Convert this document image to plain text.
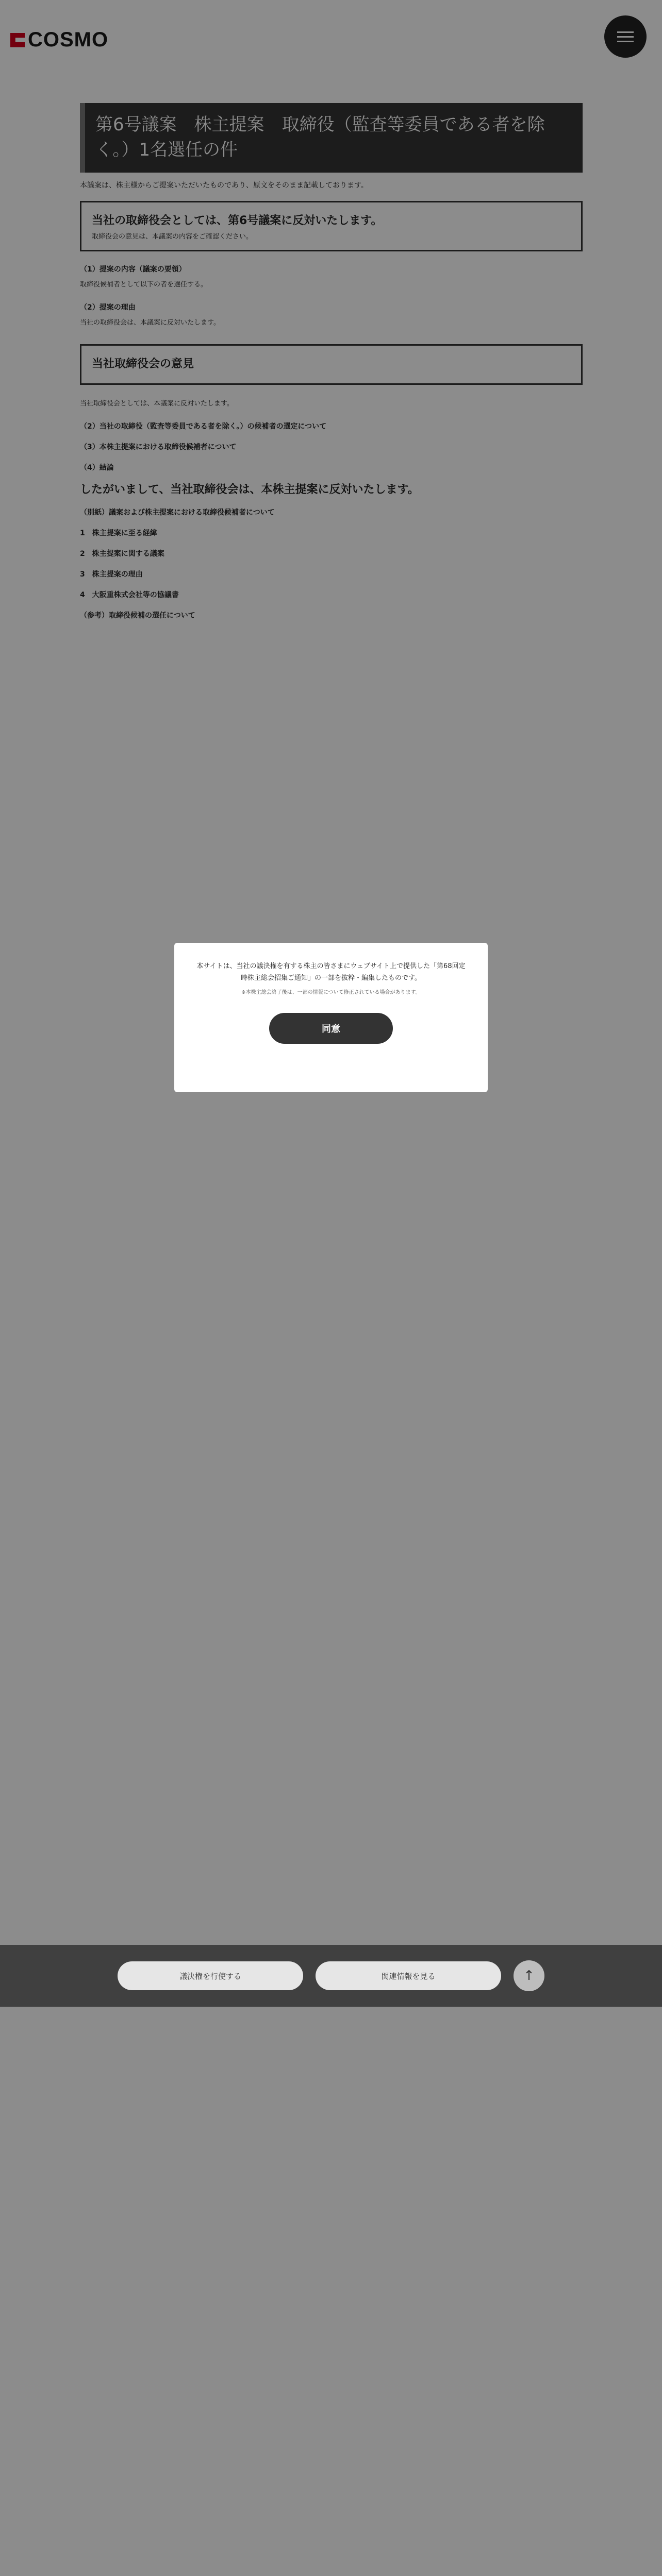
COSMO
第6号議案　株主提案　取締役（監査等委員である者を除く。）1名選任の件
本議案は、株主様からご提案いただいたものであり、原文をそのまま記載しております。
当社の取締役会としては、第6号議案に反対いたします。
取締役会の意見は、本議案の内容をご確認ください。
（1）提案の内容（議案の要領）
取締役候補者として以下の者を選任する。
（2）提案の理由
当社の取締役会は、本議案に反対いたします。
当社取締役会の意見
当社取締役会としては、本議案に反対いたします。
（2）当社の取締役（監査等委員である者を除く。）の候補者の選定について
（3）本株主提案における取締役候補者について
（4）結論
したがいまして、当社取締役会は、本株主提案に反対いたします。
（別紙）議案および株主提案における取締役候補者について
1　株主提案に至る経緯
2　株主提案に関する議案
3　株主提案の理由
4　大阪重株式会社等の協議書
（参考）取締役候補の選任について
本サイトは、当社の議決権を有する株主の皆さまにウェブサイト上で提供した「第68回定時株主総会招集ご通知」の一部を抜粋・編集したものです。
※本株主総会終了後は、一部の情報について修正されている場合があります。
同意
議決権を行使する	関連情報を見る	↑
